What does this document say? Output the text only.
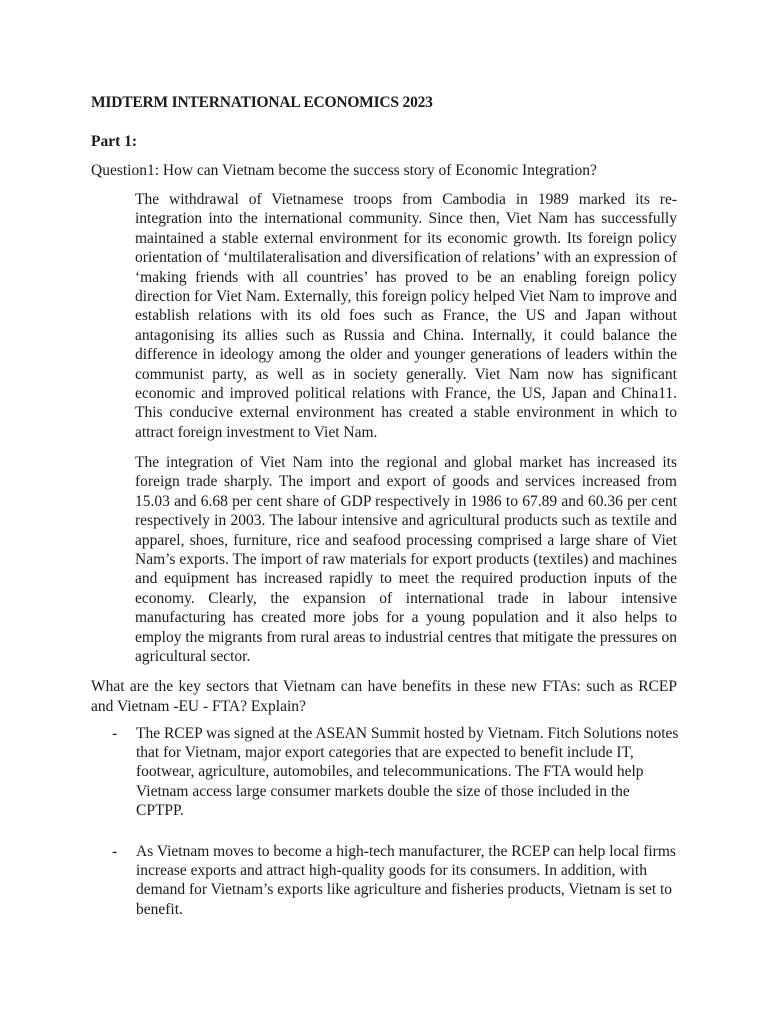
MIDTERM INTERNATIONAL ECONOMICS 2023
Part 1:
Question1: How can Vietnam become the success story of Economic Integration?

The withdrawal of Vietnamese troops from Cambodia in 1989 marked its re-integration into the international community. Since then, Viet Nam has successfully maintained a stable external environment for its economic growth. Its foreign policy orientation of ‘multilateralisation and diversification of relations’ with an expression of ‘making friends with all countries’ has proved to be an enabling foreign policy direction for Viet Nam. Externally, this foreign policy helped Viet Nam to improve and establish relations with its old foes such as France, the US and Japan without antagonising its allies such as Russia and China. Internally, it could balance the difference in ideology among the older and younger generations of leaders within the communist party, as well as in society generally. Viet Nam now has significant economic and improved political relations with France, the US, Japan and China11. This conducive external environment has created a stable environment in which to attract foreign investment to Viet Nam.

The integration of Viet Nam into the regional and global market has increased its foreign trade sharply. The import and export of goods and services increased from 15.03 and 6.68 per cent share of GDP respectively in 1986 to 67.89 and 60.36 per cent respectively in 2003. The labour intensive and agricultural products such as textile and apparel, shoes, furniture, rice and seafood processing comprised a large share of Viet Nam’s exports. The import of raw materials for export products (textiles) and machines and equipment has increased rapidly to meet the required production inputs of the economy. Clearly, the expansion of international trade in labour intensive manufacturing has created more jobs for a young population and it also helps to employ the migrants from rural areas to industrial centres that mitigate the pressures on agricultural sector.

What are the key sectors that Vietnam can have benefits in these new FTAs: such as RCEP and Vietnam -EU - FTA? Explain?

- The RCEP was signed at the ASEAN Summit hosted by Vietnam. Fitch Solutions notes that for Vietnam, major export categories that are expected to benefit include IT, footwear, agriculture, automobiles, and telecommunications. The FTA would help Vietnam access large consumer markets double the size of those included in the CPTPP.
- As Vietnam moves to become a high-tech manufacturer, the RCEP can help local firms increase exports and attract high-quality goods for its consumers. In addition, with demand for Vietnam’s exports like agriculture and fisheries products, Vietnam is set to benefit.
